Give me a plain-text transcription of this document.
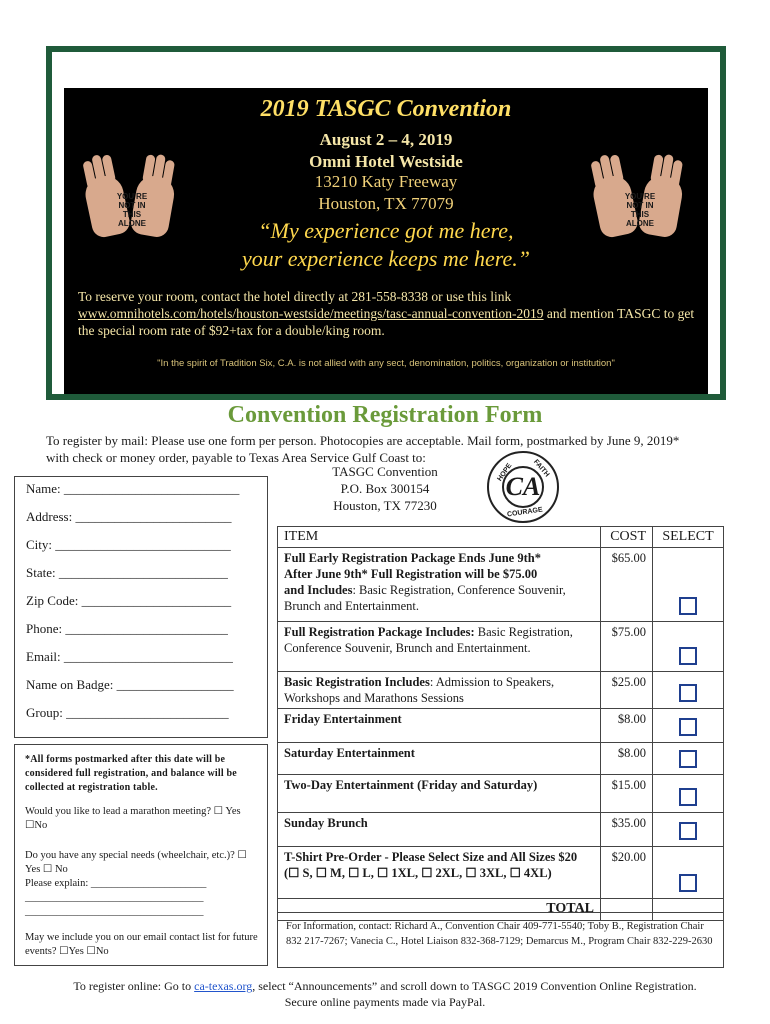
2019 TASGC Convention
August 2 – 4, 2019
Omni Hotel Westside
13210 Katy Freeway
Houston, TX 77079
“My experience got me here,
your experience keeps me here.”
YOU'RE NOT IN THIS ALONE
YOU'RE NOT IN THIS ALONE
To reserve your room, contact the hotel directly at 281-558-8338 or use this link www.omnihotels.com/hotels/houston-westside/meetings/tasc-annual-convention-2019 and mention TASGC to get the special room rate of $92+tax for a double/king room.
"In the spirit of Tradition Six, C.A. is not allied with any sect, denomination, politics, organization or institution"
"In the spirit of Tradition Six, C.A. is not allied with any sect, denomination, politics, organization or institution"
Convention Registration Form
To register by mail: Please use one form per person. Photocopies are acceptable. Mail form, postmarked by June 9, 2019*
with check or money order, payable to Texas Area Service Gulf Coast to:
TASGC Convention
P.O. Box 300154
Houston, TX 77230
HOPE	FAITH
COURAGE
CA
Name: ___________________________
Address: ________________________
City: ___________________________
State: __________________________
Zip Code: _______________________
Phone: _________________________
Email: __________________________
Name on Badge: __________________
Group: _________________________
*All forms postmarked after this date will be considered full registration, and balance will be collected at registration table.
Would you like to lead a marathon meeting? ☐ Yes ☐No
Do you have any special needs (wheelchair, etc.)? ☐ Yes ☐ No
Please explain: ______________________
__________________________________
__________________________________
May we include you on our email contact list for future events? ☐Yes ☐No
ITEM	COST	SELECT

Full Early Registration Package Ends June 9th*
After June 9th* Full Registration will be $75.00
and Includes: Basic Registration, Conference Souvenir, Brunch and Entertainment.	$65.00	
Full Registration Package Includes: Basic Registration, Conference Souvenir, Brunch and Entertainment.	$75.00	
Basic Registration Includes: Admission to Speakers, Workshops and Marathons Sessions	$25.00	
Friday Entertainment	$8.00	
Saturday Entertainment	$8.00	
Two-Day Entertainment (Friday and Saturday)	$15.00	
Sunday Brunch	$35.00	
T-Shirt Pre-Order - Please Select Size and All Sizes $20 (☐ S, ☐ M, ☐ L, ☐ 1XL, ☐ 2XL, ☐ 3XL, ☐ 4XL)	$20.00	
TOTAL		
For Information, contact: Richard A., Convention Chair 409-771-5540; Toby B., Registration Chair 832 217-7267; Vanecia C., Hotel Liaison 832-368-7129; Demarcus M., Program Chair 832-229-2630
To register online: Go to ca-texas.org, select “Announcements” and scroll down to TASGC 2019 Convention Online Registration.
Secure online payments made via PayPal.
